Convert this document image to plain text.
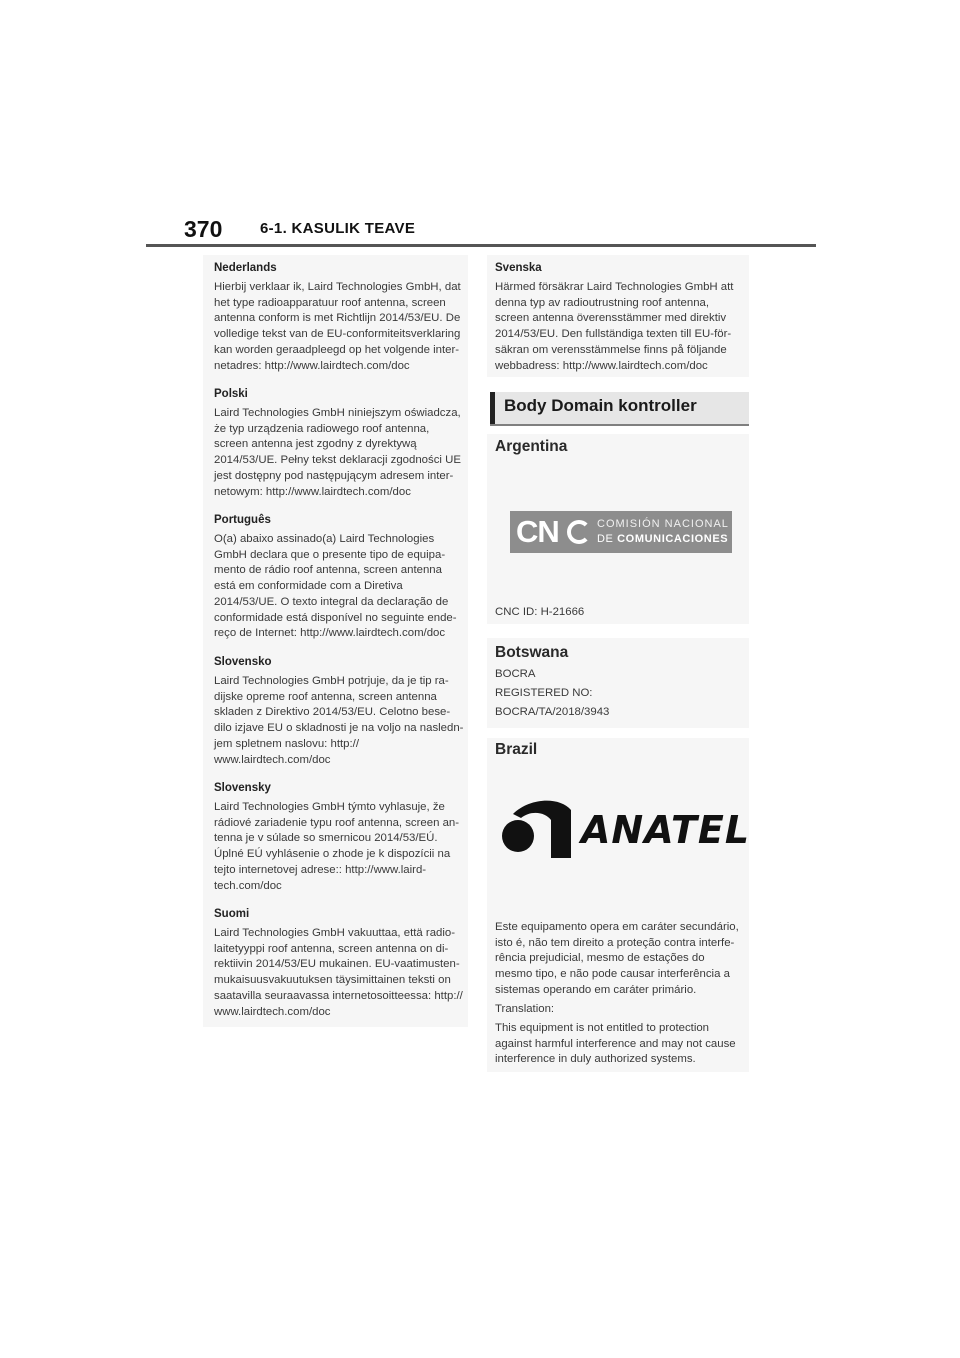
370	6-1. KASULIK TEAVE
Nederlands
Hierbij verklaar ik, Laird Technologies GmbH, dat
het type radioapparatuur roof antenna, screen
antenna conform is met Richtlijn 2014/53/EU. De
volledige tekst van de EU-conformiteitsverklaring
kan worden geraadpleegd op het volgende inter-
netadres: http://www.lairdtech.com/doc
Polski
Laird Technologies GmbH niniejszym oświadcza,
że typ urządzenia radiowego roof antenna,
screen antenna jest zgodny z dyrektywą
2014/53/UE. Pełny tekst deklaracji zgodności UE
jest dostępny pod następującym adresem inter-
netowym: http://www.lairdtech.com/doc
Português
O(a) abaixo assinado(a) Laird Technologies
GmbH declara que o presente tipo de equipa-
mento de rádio roof antenna, screen antenna
está em conformidade com a Diretiva
2014/53/UE. O texto integral da declaração de
conformidade está disponível no seguinte ende-
reço de Internet: http://www.lairdtech.com/doc
Slovensko
Laird Technologies GmbH potrjuje, da je tip ra-
dijske opreme roof antenna, screen antenna
skladen z Direktivo 2014/53/EU. Celotno bese-
dilo izjave EU o skladnosti je na voljo na nasledn-
jem spletnem naslovu: http://
www.lairdtech.com/doc
Slovensky
Laird Technologies GmbH týmto vyhlasuje, že
rádiové zariadenie typu roof antenna, screen an-
tenna je v súlade so smernicou 2014/53/EÚ.
Úplné EÚ vyhlásenie o zhode je k dispozícii na
tejto internetovej adrese:: http://www.laird-
tech.com/doc
Suomi
Laird Technologies GmbH vakuuttaa, että radio-
laitetyyppi roof antenna, screen antenna on di-
rektiivin 2014/53/EU mukainen. EU-vaatimusten-
mukaisuusvakuutuksen täysimittainen teksti on
saatavilla seuraavassa internetosoitteessa: http://
www.lairdtech.com/doc
Svenska
Härmed försäkrar Laird Technologies GmbH att
denna typ av radioutrustning roof antenna,
screen antenna överensstämmer med direktiv
2014/53/EU. Den fullständiga texten till EU-för-
säkran om verensstämmelse finns på följande
webbadress: http://www.lairdtech.com/doc
Body Domain kontroller
Argentina
CN	COMISIÓN NACIONAL
DE COMUNICACIONES
CNC ID: H-21666
Botswana
BOCRA
REGISTERED NO:
BOCRA/TA/2018/3943
Brazil
ANATEL
Este equipamento opera em caráter secundário,
isto é, não tem direito a proteção contra interfe-
rência prejudicial, mesmo de estações do
mesmo tipo, e não pode causar interferência a
sistemas operando em caráter primário.
Translation:
This equipment is not entitled to protection
against harmful interference and may not cause
interference in duly authorized systems.
